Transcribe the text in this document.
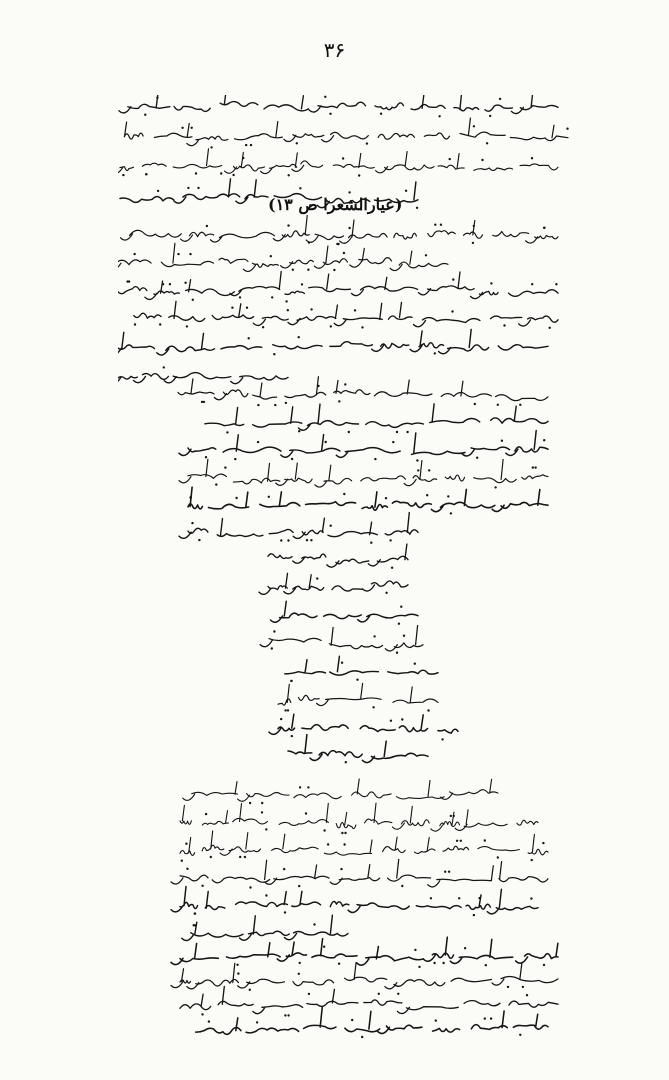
۳۶
(عیارالشعرا ص ۱۳)
